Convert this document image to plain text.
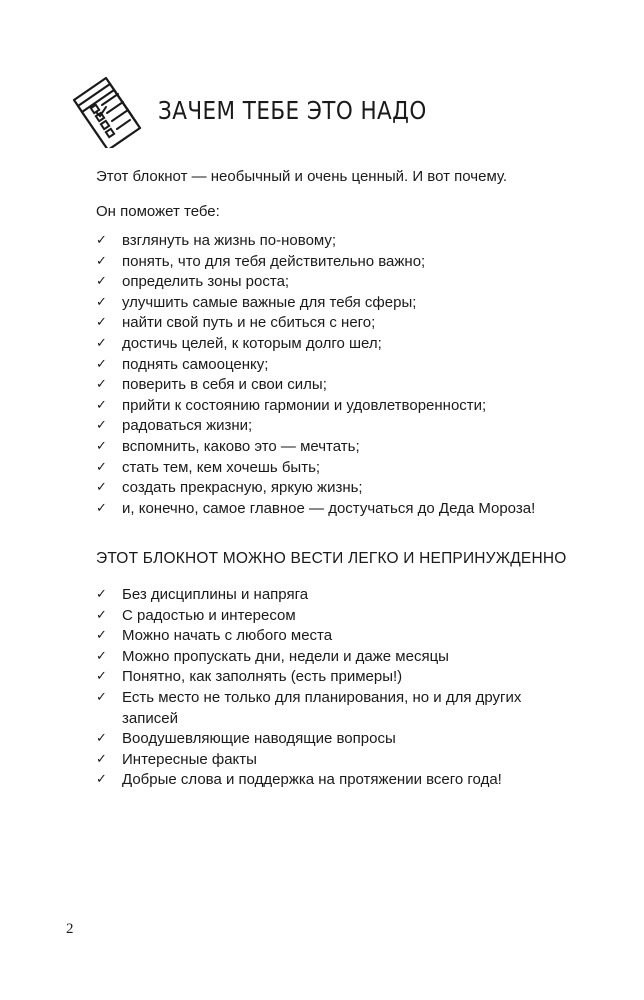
ЗАЧЕМ ТЕБЕ ЭТО НАДО
Этот блокнот — необычный и очень ценный. И вот почему.
Он поможет тебе:
✓ взглянуть на жизнь по-новому;
✓ понять, что для тебя действительно важно;
✓ определить зоны роста;
✓ улучшить самые важные для тебя сферы;
✓ найти свой путь и не сбиться с него;
✓ достичь целей, к которым долго шел;
✓ поднять самооценку;
✓ поверить в себя и свои силы;
✓ прийти к состоянию гармонии и удовлетворенности;
✓ радоваться жизни;
✓ вспомнить, каково это — мечтать;
✓ стать тем, кем хочешь быть;
✓ создать прекрасную, яркую жизнь;
✓ и, конечно, самое главное — достучаться до Деда Мороза!
ЭТОТ БЛОКНОТ МОЖНО ВЕСТИ ЛЕГКО И НЕПРИНУЖДЕННО
✓ Без дисциплины и напряга
✓ С радостью и интересом
✓ Можно начать с любого места
✓ Можно пропускать дни, недели и даже месяцы
✓ Понятно, как заполнять (есть примеры!)
✓ Есть место не только для планирования, но и для других записей
✓ Воодушевляющие наводящие вопросы
✓ Интересные факты
✓ Добрые слова и поддержка на протяжении всего года!
2
